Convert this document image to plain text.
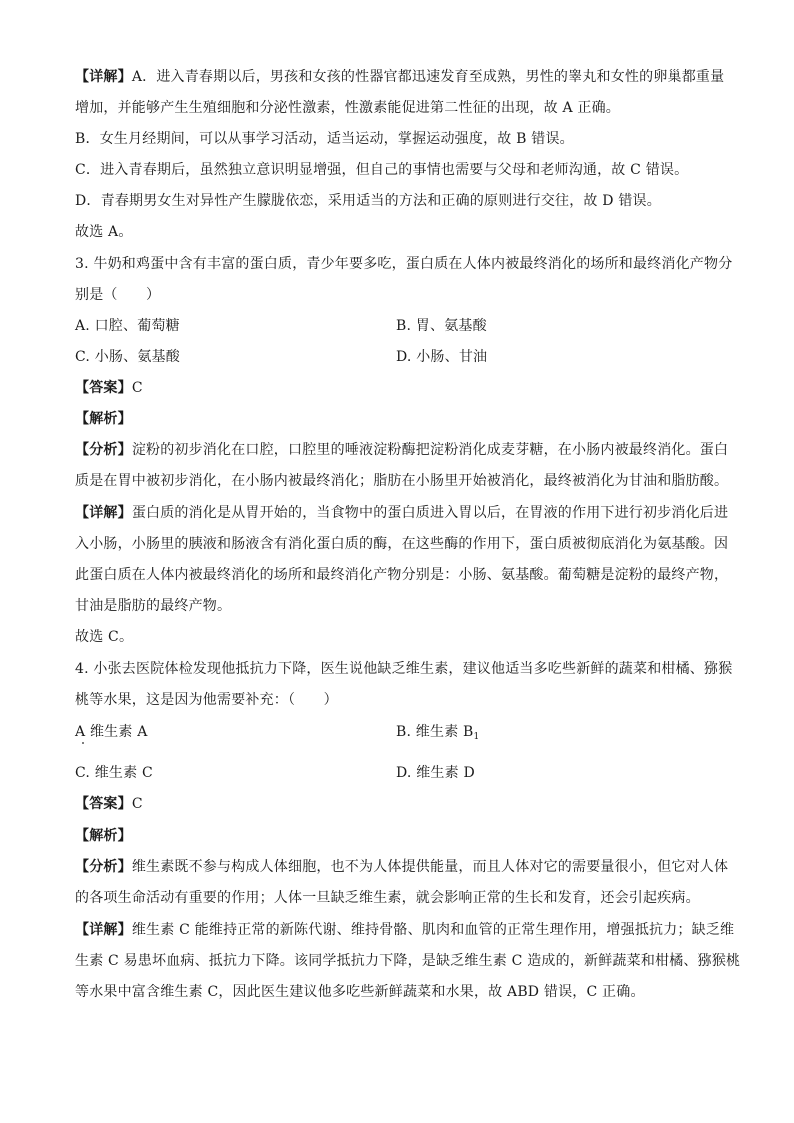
【详解】A．进入青春期以后，男孩和女孩的性器官都迅速发育至成熟，男性的睾丸和女性的卵巢都重量
增加，并能够产生生殖细胞和分泌性激素，性激素能促进第二性征的出现，故 A 正确。
B．女生月经期间，可以从事学习活动，适当运动，掌握运动强度，故 B 错误。
C．进入青春期后，虽然独立意识明显增强，但自己的事情也需要与父母和老师沟通，故 C 错误。
D．青春期男女生对异性产生朦胧依恋，采用适当的方法和正确的原则进行交往，故 D 错误。
故选 A。
3. 牛奶和鸡蛋中含有丰富的蛋白质，青少年要多吃，蛋白质在人体内被最终消化的场所和最终消化产物分
别是（　　）
A. 口腔、葡萄糖	B. 胃、氨基酸
C. 小肠、氨基酸	D. 小肠、甘油
【答案】C
【解析】
【分析】淀粉的初步消化在口腔，口腔里的唾液淀粉酶把淀粉消化成麦芽糖，在小肠内被最终消化。蛋白
质是在胃中被初步消化，在小肠内被最终消化；脂肪在小肠里开始被消化，最终被消化为甘油和脂肪酸。
【详解】蛋白质的消化是从胃开始的，当食物中的蛋白质进入胃以后，在胃液的作用下进行初步消化后进
入小肠，小肠里的胰液和肠液含有消化蛋白质的酶，在这些酶的作用下，蛋白质被彻底消化为氨基酸。因
此蛋白质在人体内被最终消化的场所和最终消化产物分别是：小肠、氨基酸。葡萄糖是淀粉的最终产物，
甘油是脂肪的最终产物。
故选 C。
4. 小张去医院体检发现他抵抗力下降，医生说他缺乏维生素，建议他适当多吃些新鲜的蔬菜和柑橘、猕猴
桃等水果，这是因为他需要补充：（　　）
A 维生素 A	B. 维生素 $B_1$
C. 维生素 C	D. 维生素 D
【答案】C
【解析】
【分析】维生素既不参与构成人体细胞，也不为人体提供能量，而且人体对它的需要量很小，但它对人体
的各项生命活动有重要的作用；人体一旦缺乏维生素，就会影响正常的生长和发育，还会引起疾病。
【详解】维生素 C 能维持正常的新陈代谢、维持骨骼、肌肉和血管的正常生理作用，增强抵抗力；缺乏维
生素 C 易患坏血病、抵抗力下降。该同学抵抗力下降，是缺乏维生素 C 造成的，新鲜蔬菜和柑橘、猕猴桃
等水果中富含维生素 C，因此医生建议他多吃些新鲜蔬菜和水果，故 ABD 错误，C 正确。
